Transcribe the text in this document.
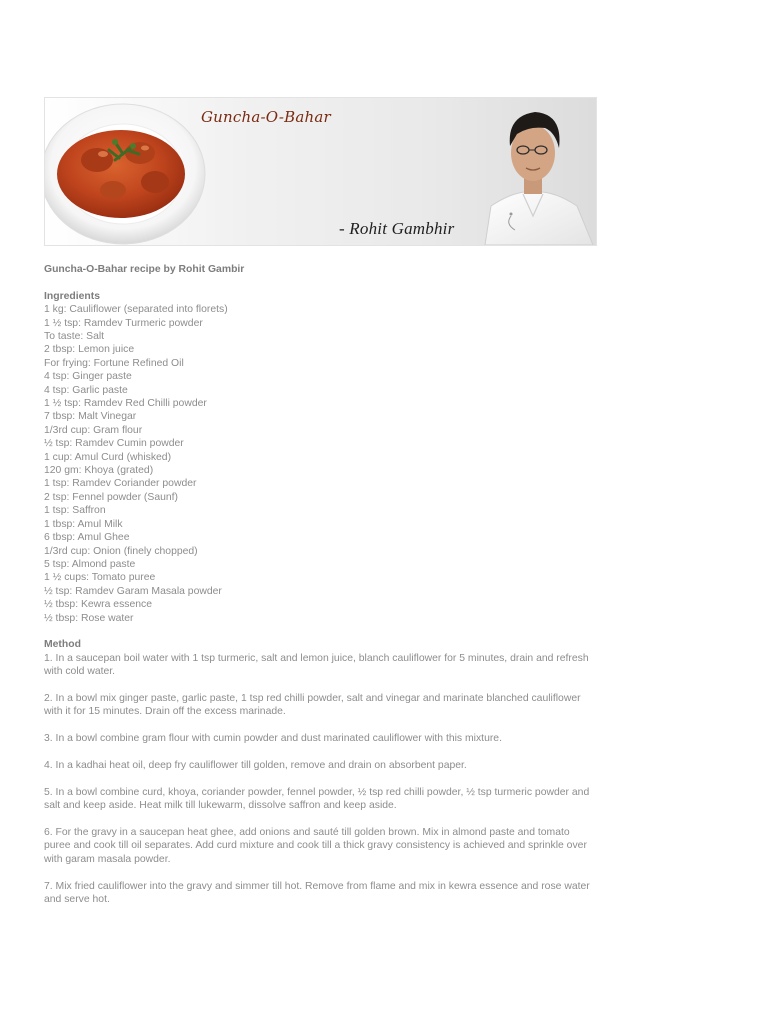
Guncha-O-Bahar
- Rohit Gambhir
Guncha-O-Bahar recipe by Rohit Gambir
Ingredients
1 kg: Cauliflower (separated into florets)
1 ½ tsp: Ramdev Turmeric powder
To taste: Salt
2 tbsp: Lemon juice
For frying: Fortune Refined Oil
4 tsp: Ginger paste
4 tsp: Garlic paste
1 ½ tsp: Ramdev Red Chilli powder
7 tbsp: Malt Vinegar
1/3rd cup: Gram flour
½ tsp: Ramdev Cumin powder
1 cup: Amul Curd (whisked)
120 gm: Khoya (grated)
1 tsp: Ramdev Coriander powder
2 tsp: Fennel powder (Saunf)
1 tsp: Saffron
1 tbsp: Amul Milk
6 tbsp: Amul Ghee
1/3rd cup: Onion (finely chopped)
5 tsp: Almond paste
1 ½ cups: Tomato puree
½ tsp: Ramdev Garam Masala powder
½ tbsp: Kewra essence
½ tbsp: Rose water
Method
1. In a saucepan boil water with 1 tsp turmeric, salt and lemon juice, blanch cauliflower for 5 minutes, drain and refresh with cold water.
2. In a bowl mix ginger paste, garlic paste, 1 tsp red chilli powder, salt and vinegar and marinate blanched cauliflower with it for 15 minutes. Drain off the excess marinade.
3. In a bowl combine gram flour with cumin powder and dust marinated cauliflower with this mixture.
4. In a kadhai heat oil, deep fry cauliflower till golden, remove and drain on absorbent paper.
5. In a bowl combine curd, khoya, coriander powder, fennel powder, ½ tsp red chilli powder, ½ tsp turmeric powder and salt and keep aside. Heat milk till lukewarm, dissolve saffron and keep aside.
6. For the gravy in a saucepan heat ghee, add onions and sauté till golden brown. Mix in almond paste and tomato puree and cook till oil separates. Add curd mixture and cook till a thick gravy consistency is achieved and sprinkle over with garam masala powder.
7. Mix fried cauliflower into the gravy and simmer till hot. Remove from flame and mix in kewra essence and rose water and serve hot.
